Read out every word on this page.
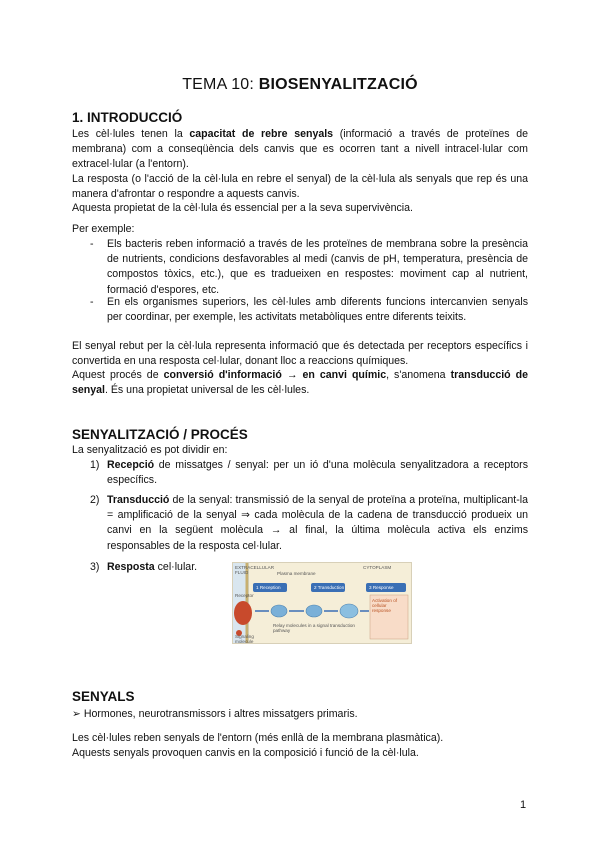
TEMA 10: BIOSENYALITZACIÓ
1. INTRODUCCIÓ

Les cèl·lules tenen la capacitat de rebre senyals (informació a través de proteïnes de membrana) com a conseqüència dels canvis que es ocorren tant a nivell intracel·lular com extracel·lular (a l'entorn).

La resposta (o l'acció de la cèl·lula en rebre el senyal) de la cèl·lula als senyals que rep és una manera d'afrontar o respondre a aquests canvis.

Aquesta propietat de la cèl·lula és essencial per a la seva supervivència.

Per exemple:

- Els bacteris reben informació a través de les proteïnes de membrana sobre la presència de nutrients, condicions desfavorables al medi (canvis de pH, temperatura, presència de compostos tòxics, etc.), que es tradueixen en respostes: moviment cap al nutrient, formació d'espores, etc.
- En els organismes superiors, les cèl·lules amb diferents funcions intercanvien senyals per coordinar, per exemple, les activitats metabòliques entre diferents teixits.

El senyal rebut per la cèl·lula representa informació que és detectada per receptors específics i convertida en una resposta cel·lular, donant lloc a reaccions químiques.

Aquest procés de conversió d'informació → en canvi químic, s'anomena transducció de senyal. És una propietat universal de les cèl·lules.

SENYALITZACIÓ / PROCÉS

La senyalització es pot dividir en:

1) Recepció de missatges / senyal: per un ió d'una molècula senyalitzadora a receptors específics.
2) Transducció de la senyal: transmissió de la senyal de proteïna a proteïna, multiplicant-la = amplificació de la senyal ⇒ cada molècula de la cadena de transducció produeix un canvi en la següent molècula → al final, la última molècula activa els enzims responsables de la resposta cel·lular.
3) Resposta cel·lular.	EXTRACELLULAR FLUID
CYTOPLASM
Plasma membrane
1 Reception	2 Transduction	3 Response
Receptor
Relay molecules in a signal transduction pathway
Signaling molecule
Activation of cellular response
SENYALS

➢ Hormones, neurotransmissors i altres missatgers primaris.

Les cèl·lules reben senyals de l'entorn (més enllà de la membrana plasmàtica).

Aquests senyals provoquen canvis en la composició i funció de la cèl·lula.

1
